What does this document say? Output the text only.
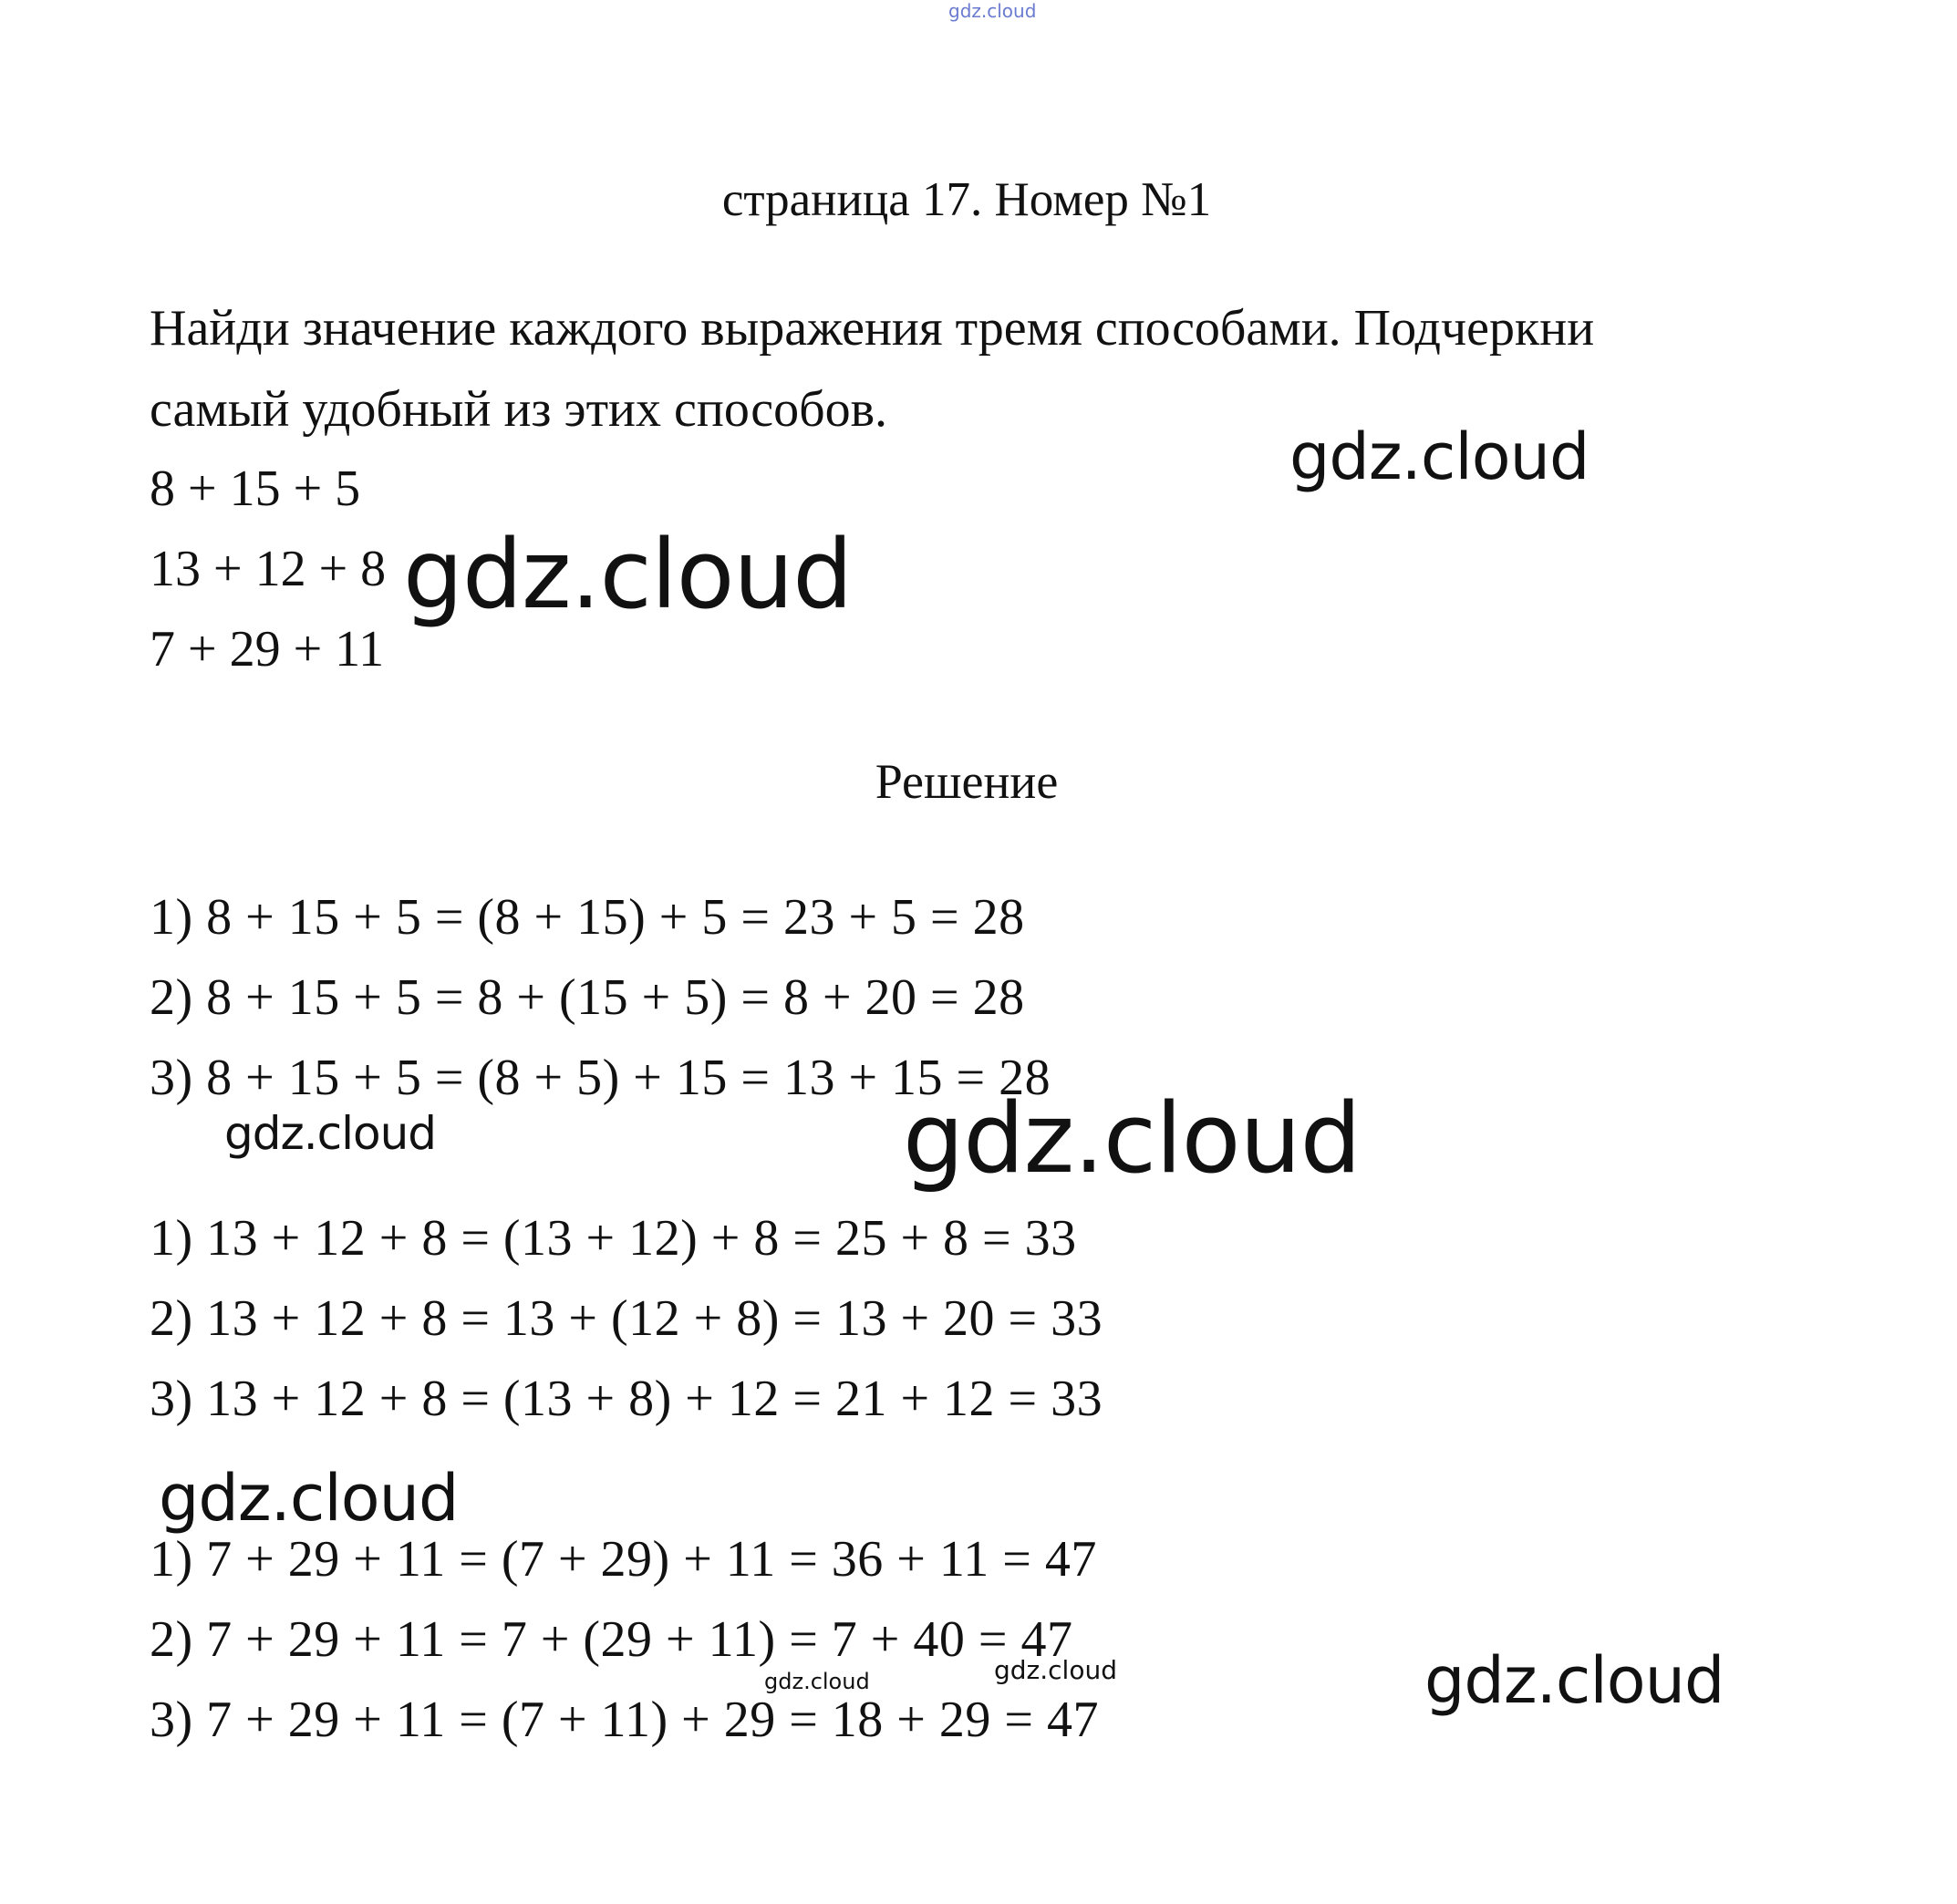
gdz.cloud
страница 17. Номер №1
Найди значение каждого выражения тремя способами. Подчеркни
самый удобный из этих способов.
8 + 15 + 5
13 + 12 + 8
7 + 29 + 11
Решение
1) 8 + 15 + 5 = (8 + 15) + 5 = 23 + 5 = 28
2) 8 + 15 + 5 = 8 + (15 + 5) = 8 + 20 = 28
3) 8 + 15 + 5 = (8 + 5) + 15 = 13 + 15 = 28
1) 13 + 12 + 8 = (13 + 12) + 8 = 25 + 8 = 33
2) 13 + 12 + 8 = 13 + (12 + 8) = 13 + 20 = 33
3) 13 + 12 + 8 = (13 + 8) + 12 = 21 + 12 = 33
1) 7 + 29 + 11 = (7 + 29) + 11 = 36 + 11 = 47
2) 7 + 29 + 11 = 7 + (29 + 11) = 7 + 40 = 47
3) 7 + 29 + 11 = (7 + 11) + 29 = 18 + 29 = 47
gdz.cloud
gdz.cloud
gdz.cloud	gdz.cloud
gdz.cloud
gdz.cloud	gdz.cloud	gdz.cloud
